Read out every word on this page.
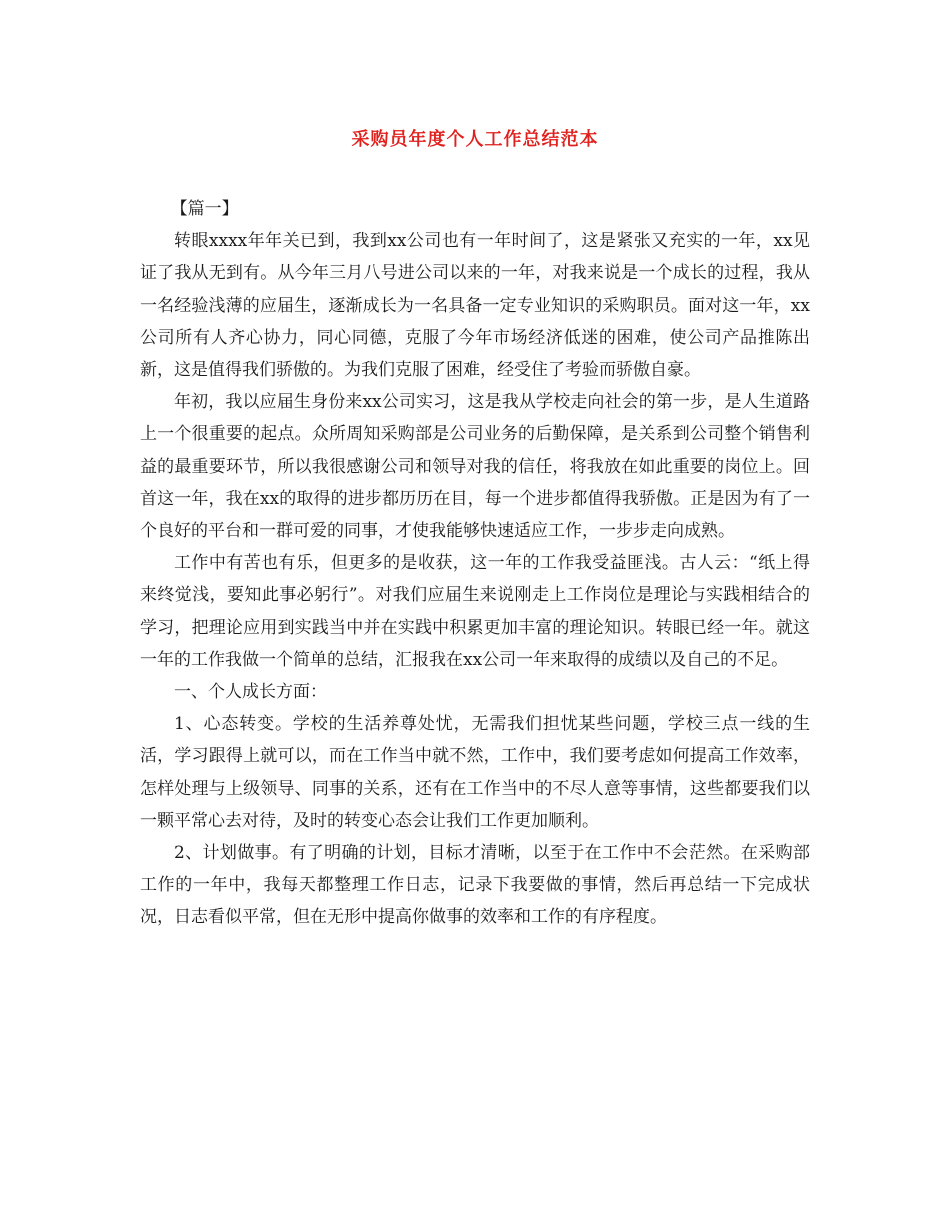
采购员年度个人工作总结范本

【篇一】

转眼xxxx年年关已到，我到xx公司也有一年时间了，这是紧张又充实的一年，xx见证了我从无到有。从今年三月八号进公司以来的一年，对我来说是一个成长的过程，我从一名经验浅薄的应届生，逐渐成长为一名具备一定专业知识的采购职员。面对这一年，xx公司所有人齐心协力，同心同德，克服了今年市场经济低迷的困难，使公司产品推陈出新，这是值得我们骄傲的。为我们克服了困难，经受住了考验而骄傲自豪。

年初，我以应届生身份来xx公司实习，这是我从学校走向社会的第一步，是人生道路上一个很重要的起点。众所周知采购部是公司业务的后勤保障，是关系到公司整个销售利益的最重要环节，所以我很感谢公司和领导对我的信任，将我放在如此重要的岗位上。回首这一年，我在xx的取得的进步都历历在目，每一个进步都值得我骄傲。正是因为有了一个良好的平台和一群可爱的同事，才使我能够快速适应工作，一步步走向成熟。

工作中有苦也有乐，但更多的是收获，这一年的工作我受益匪浅。古人云：“纸上得来终觉浅，要知此事必躬行”。对我们应届生来说刚走上工作岗位是理论与实践相结合的学习，把理论应用到实践当中并在实践中积累更加丰富的理论知识。转眼已经一年。就这一年的工作我做一个简单的总结，汇报我在xx公司一年来取得的成绩以及自己的不足。

一、个人成长方面：

1、心态转变。学校的生活养尊处忧，无需我们担忧某些问题，学校三点一线的生活，学习跟得上就可以，而在工作当中就不然，工作中，我们要考虑如何提高工作效率，怎样处理与上级领导、同事的关系，还有在工作当中的不尽人意等事情，这些都要我们以一颗平常心去对待，及时的转变心态会让我们工作更加顺利。

2、计划做事。有了明确的计划，目标才清晰，以至于在工作中不会茫然。在采购部工作的一年中，我每天都整理工作日志，记录下我要做的事情，然后再总结一下完成状况，日志看似平常，但在无形中提高你做事的效率和工作的有序程度。
